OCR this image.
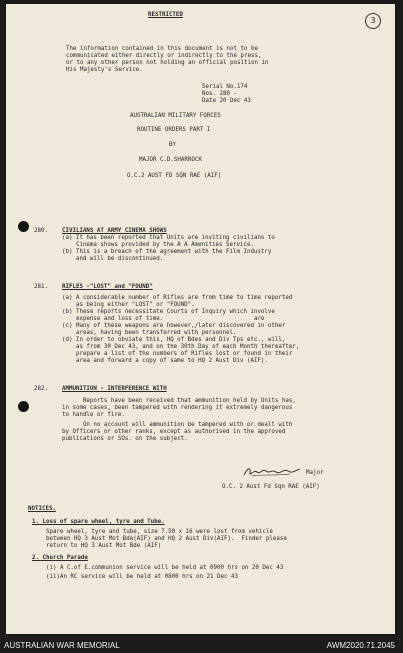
3
RESTRICTED
The information contained in this document is not to be
communicated either directly or indirectly to the press,
or to any other person not holding an official position in
His Majesty's Service.
Serial No.174
Nos. 280 -
Date 20 Dec 43
AUSTRALIAN MILITARY FORCES
ROUTINE ORDERS PART I
BY
MAJOR C.D.SHARROCK
O.C.2 AUST FD SQN RAE (AIF)
280. CIVILIANS AT ARMY CINEMA SHOWS
(a) It has been reported that Units are inviting civilians to
Cinema shows provided by the A A Amenities Service.
(b) This is a breach of the agreement with the Film Industry
and will be discontinued.
281. RIFLES -"LOST" and "FOUND"
(a) A considerable number of Rifles are from time to time reported
as being either "LOST" or "FOUND".
(b) These reports necessitate Courts of Inquiry which involve
expense and loss of time.                          are
(c) Many of these weapons are however,/later discovered in other
areas, having been transferred with personnel.
(d) In order to obviate this, HQ of Bdes and Div Tps etc., will,
as from 30 Dec 43, and on the 30th Day of each Month thereafter,
prepare a list of the numbers of Rifles lost or found in their
area and forward a copy of same to HQ 2 Aust Div (AIF).
282. AMMUNITION - INTERFERENCE WITH
Reports have been received that ammunition held by Units has,
in some cases, been tampered with rendering it extremely dangerous
to handle or fire.
On no account will ammunition be tampered with or dealt with
by Officers or other ranks, except as authorised in the approved
publications or SOs. on the subject.
Major
O.C. 2 Aust Fd Sqn RAE (AIF)
NOTICES.
1. Loss of spare wheel, tyre and Tube.
Spare wheel, tyre and tube, size 7.50 x 16 were lost from vehicle
between HQ 3 Aust Mot Bde(AIF) and HQ 2 Aust Div(AIF).  Finder please
return to HQ 3 Aust Mot Bde (AIF)
2. Church Parade
(i) A C.of E.communion service will be held at 0900 hrs on 20 Dec 43
(ii)An RC service will be held at 0800 hrs on 21 Dec 43
AUSTRALIAN WAR MEMORIAL	AWM2020.71.2045
